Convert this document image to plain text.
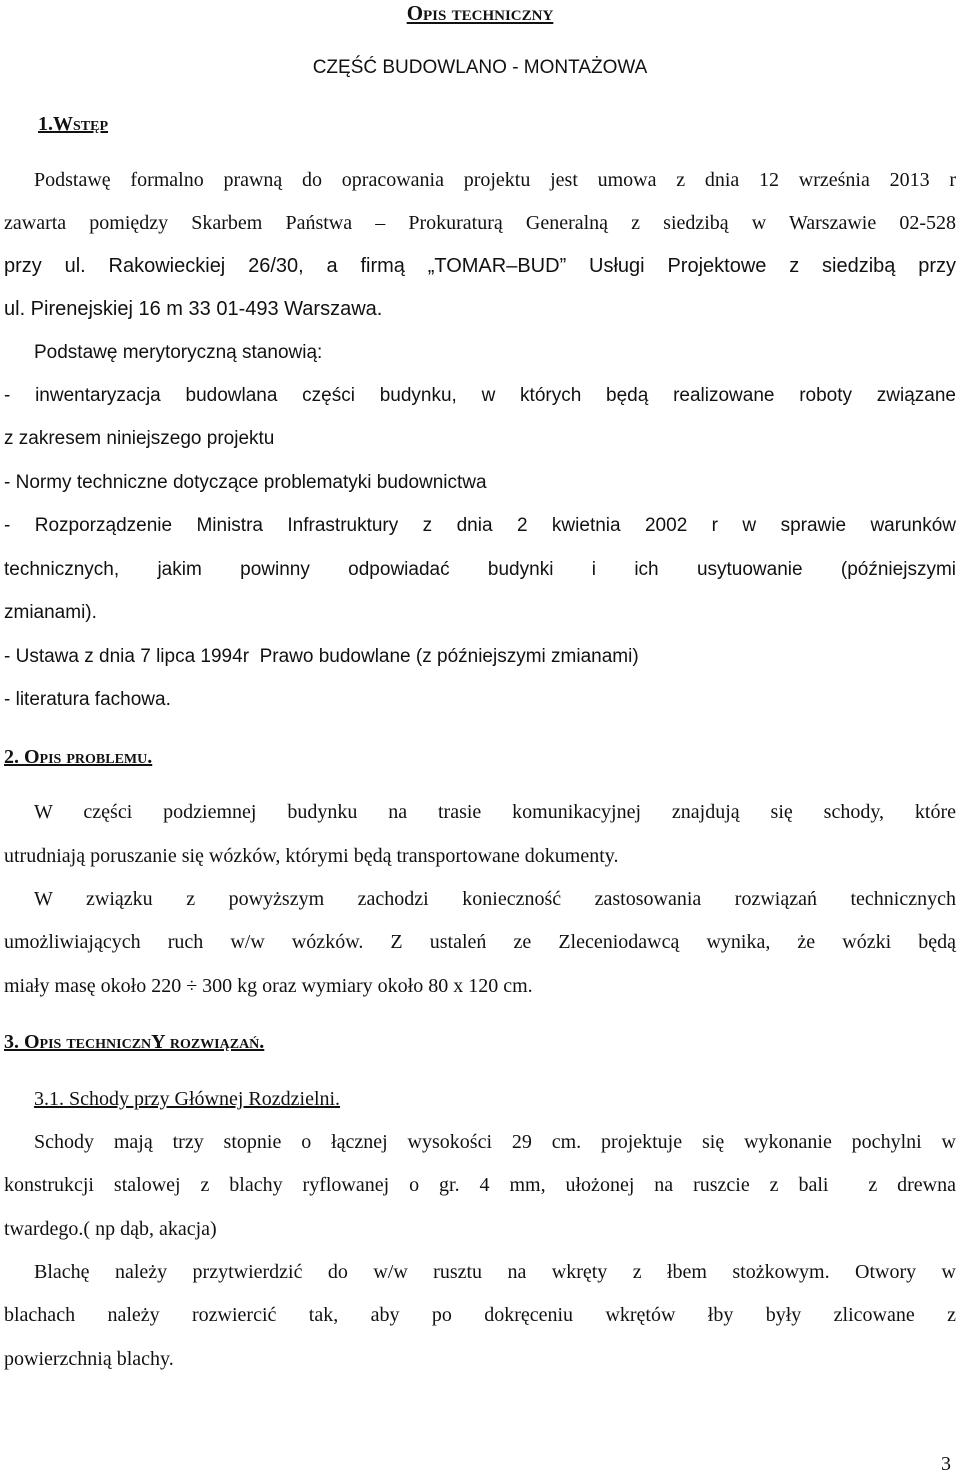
Opis techniczny
CZĘŚĆ BUDOWLANO - MONTAŻOWA
1.Wstęp
Podstawę formalno prawną do opracowania projektu jest umowa z dnia 12 września 2013 r
zawarta pomiędzy Skarbem Państwa – Prokuraturą Generalną z siedzibą w Warszawie 02-528
przy ul. Rakowieckiej 26/30, a firmą „TOMAR–BUD” Usługi Projektowe z siedzibą przy
ul. Pirenejskiej 16 m 33 01-493 Warszawa.
Podstawę merytoryczną stanowią:
- inwentaryzacja budowlana części budynku, w których będą realizowane roboty związane
z zakresem niniejszego projektu
- Normy techniczne dotyczące problematyki budownictwa
- Rozporządzenie Ministra Infrastruktury z dnia 2 kwietnia 2002 r w sprawie warunków
technicznych, jakim powinny odpowiadać budynki i ich usytuowanie (późniejszymi
zmianami).
- Ustawa z dnia 7 lipca 1994r  Prawo budowlane (z późniejszymi zmianami)
- literatura fachowa.
2. Opis problemu.
W części podziemnej budynku na trasie komunikacyjnej znajdują się schody, które
utrudniają poruszanie się wózków, którymi będą transportowane dokumenty.
W związku z powyższym zachodzi konieczność zastosowania rozwiązań technicznych
umożliwiających ruch w/w wózków. Z ustaleń ze Zleceniodawcą wynika, że wózki będą
miały masę około 220 ÷ 300 kg oraz wymiary około 80 x 120 cm.
3. Opis technicznY rozwiązań.
3.1. Schody przy Głównej Rozdzielni.
Schody mają trzy stopnie o łącznej wysokości 29 cm. projektuje się wykonanie pochylni w
konstrukcji stalowej z blachy ryflowanej o gr. 4 mm, ułożonej na ruszcie z bali  z drewna
twardego.( np dąb, akacja)
Blachę należy przytwierdzić do w/w rusztu na wkręty z łbem stożkowym. Otwory w
blachach należy rozwiercić tak, aby po dokręceniu wkrętów łby były zlicowane z
powierzchnią blachy.
3
